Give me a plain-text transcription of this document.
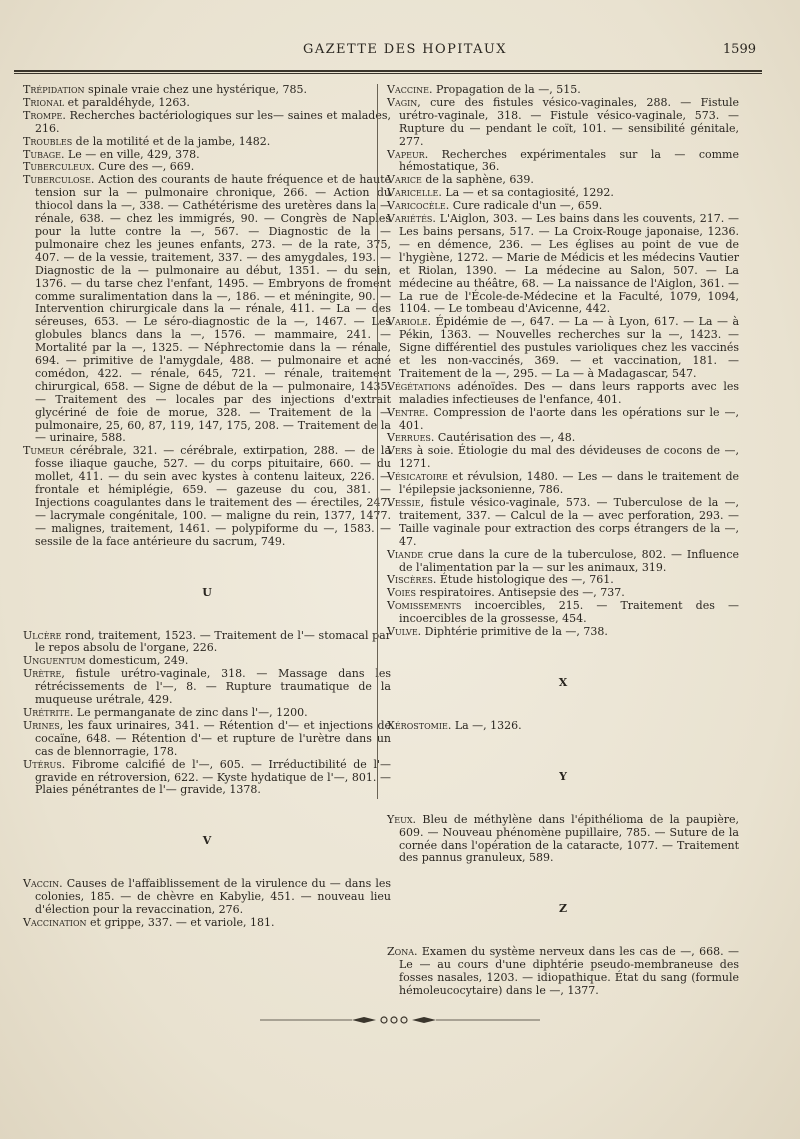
GAZETTE DES HOPITAUX	1599

Trépidation spinale vraie chez une hystérique, 785.

Trional et paraldéhyde, 1263.

Trompe. Recherches bactériologiques sur les— saines et malades, 216.

Troubles de la motilité et de la jambe, 1482.

Tubage. Le — en ville, 429, 378.

Tuberculeux. Cure des —, 669.

Tuberculose. Action des courants de haute fréquence et de haute tension sur la — pulmonaire chronique, 266. — Action du thiocol dans la —, 338. — Cathétérisme des uretères dans la — rénale, 638. — chez les immigrés, 90. — Congrès de Naples pour la lutte contre la —, 567. — Diagnostic de la — pulmonaire chez les jeunes enfants, 273. — de la rate, 375, 407. — de la vessie, traitement, 337. — des amygdales, 193. — Diagnostic de la — pulmonaire au début, 1351. — du sein, 1376. — du tarse chez l'enfant, 1495. — Embryons de froment comme suralimentation dans la —, 186. — et méningite, 90. — Intervention chirurgicale dans la — rénale, 411. — La — des séreuses, 653. — Le séro-diagnostic de la —, 1467. — Les globules blancs dans la —, 1576. — mammaire, 241. — Mortalité par la —, 1325. — Néphrectomie dans la — rénale, 694. — primitive de l'amygdale, 488. — pulmonaire et acné comédon, 422. — rénale, 645, 721. — rénale, traitement chirurgical, 658. — Signe de début de la — pulmonaire, 1435. — Traitement des — locales par des injections d'extrait glycériné de foie de morue, 328. — Traitement de la — pulmonaire, 25, 60, 87, 119, 147, 175, 208. — Traitement de la — urinaire, 588.

Tumeur cérébrale, 321. — cérébrale, extirpation, 288. — de la fosse iliaque gauche, 527. — du corps pituitaire, 660. — du mollet, 411. — du sein avec kystes à contenu laiteux, 226. — frontale et hémiplégie, 659. — gazeuse du cou, 381. — Injections coagulantes dans le traitement des — érectiles, 247. — lacrymale congénitale, 100. — maligne du rein, 1377, 1477. — malignes, traitement, 1461. — polypiforme du —, 1583. — sessile de la face antérieure du sacrum, 749.

U

Ulcère rond, traitement, 1523. — Traitement de l'— stomacal par le repos absolu de l'organe, 226.

Unguentum domesticum, 249.

Urètre, fistule urétro-vaginale, 318. — Massage dans les rétrécissements de l'—, 8. — Rupture traumatique de la muqueuse urétrale, 429.

Urétrite. Le permanganate de zinc dans l'—, 1200.

Urines, les faux urinaires, 341. — Rétention d'— et injections de cocaïne, 648. — Rétention d'— et rupture de l'urètre dans un cas de blennorragie, 178.

Utérus. Fibrome calcifié de l'—, 605. — Irréductibilité de l'— gravide en rétroversion, 622. — Kyste hydatique de l'—, 801. — Plaies pénétrantes de l'— gravide, 1378.

V

Vaccin. Causes de l'affaiblissement de la virulence du — dans les colonies, 185. — de chèvre en Kabylie, 451. — nouveau lieu d'élection pour la revaccination, 276.

Vaccination et grippe, 337. — et variole, 181.

Vaccine. Propagation de la —, 515.

Vagin, cure des fistules vésico-vaginales, 288. — Fistule urétro-vaginale, 318. — Fistule vésico-vaginale, 573. — Rupture du — pendant le coït, 101. — sensibilité génitale, 277.

Vapeur. Recherches expérimentales sur la — comme hémostatique, 36.

Varice de la saphène, 639.

Varicelle. La — et sa contagiosité, 1292.

Varicocèle. Cure radicale d'un —, 659.

Variétés. L'Aiglon, 303. — Les bains dans les couvents, 217. — Les bains persans, 517. — La Croix-Rouge japonaise, 1236. — en démence, 236. — Les églises au point de vue de l'hygiène, 1272. — Marie de Médicis et les médecins Vautier et Riolan, 1390. — La médecine au Salon, 507. — La médecine au théâtre, 68. — La naissance de l'Aiglon, 361. — La rue de l'École-de-Médecine et la Faculté, 1079, 1094, 1104. — Le tombeau d'Avicenne, 442.

Variole. Épidémie de —, 647. — La — à Lyon, 617. — La — à Pékin, 1363. — Nouvelles recherches sur la —, 1423. — Signe différentiel des pustules varioliques chez les vaccinés et les non-vaccinés, 369. — et vaccination, 181. — Traitement de la —, 295. — La — à Madagascar, 547.

Végétations adénoïdes. Des — dans leurs rapports avec les maladies infectieuses de l'enfance, 401.

Ventre. Compression de l'aorte dans les opérations sur le —, 401.

Verrues. Cautérisation des —, 48.

Vers à soie. Étiologie du mal des dévideuses de cocons de —, 1271.

Vésicatoire et révulsion, 1480. — Les — dans le traitement de l'épilepsie jacksonienne, 786.

Vessie, fistule vésico-vaginale, 573. — Tuberculose de la —, traitement, 337. — Calcul de la — avec perforation, 293. — Taille vaginale pour extraction des corps étrangers de la —, 47.

Viande crue dans la cure de la tuberculose, 802. — Influence de l'alimentation par la — sur les animaux, 319.

Viscères. Étude histologique des —, 761.

Voies respiratoires. Antisepsie des —, 737.

Vomissements incoercibles, 215. — Traitement des — incoercibles de la grossesse, 454.

Vulve. Diphtérie primitive de la —, 738.

X

Xérostomie. La —, 1326.

Y

Yeux. Bleu de méthylène dans l'épithélioma de la paupière, 609. — Nouveau phénomène pupillaire, 785. — Suture de la cornée dans l'opération de la cataracte, 1077. — Traitement des pannus granuleux, 589.

Z

Zona. Examen du système nerveux dans les cas de —, 668. — Le — au cours d'une diphtérie pseudo-membraneuse des fosses nasales, 1203. — idiopathique. État du sang (formule hémoleucocytaire) dans le —, 1377.
